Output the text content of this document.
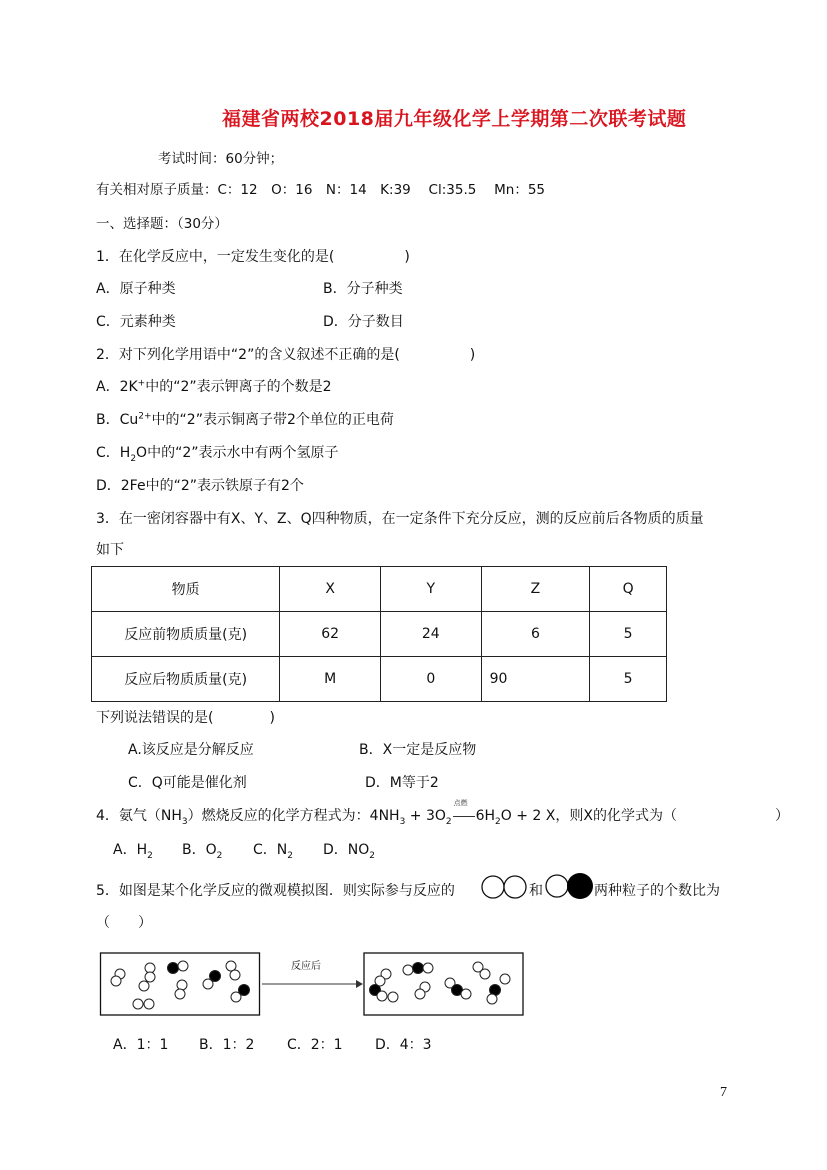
福建省两校2018届九年级化学上学期第二次联考试题
考试时间：60分钟；
有关相对原子质量：C：12　O：16　N：14　K:39　 Cl:35.5　 Mn：55
一、选择题：（30分）
1．在化学反应中，一定发生变化的是(　　　　　)
A．原子种类	B．分子种类
C．元素种类	D．分子数目
2．对下列化学用语中“2”的含义叙述不正确的是(　　　　　)
A．2K+中的“2”表示钾离子的个数是2
B．$Cu^{2+}$中的“2”表示铜离子带2个单位的正电荷
C．$H_2O$中的“2”表示水中有两个氢原子
D．2Fe中的“2”表示铁原子有2个
3．在一密闭容器中有X、Y、Z、Q四种物质，在一定条件下充分反应，测的反应前后各物质的质量
如下
物质	X	Y	Z	Q
反应前物质质量(克)	62	24	6	5
反应后物质质量(克)	M	0	90	5
下列说法错误的是(　　　　)
A.该反应是分解反应	B．X一定是反应物
C．Q可能是催化剂	D．M等于2
4．氨气$(NH_3)$燃烧反应的化学方程式为：$4NH_3 + 3O_2$
点燃
$6H_2O + 2$ X，则X的化学式为（　　　　　　　）
A．$H_2$ B．$O_2$ C．$N_2$ D．$NO_2$
5．如图是某个化学反应的微观模拟图．则实际参与反应的	和	两种粒子的个数比为
（　　）
反应后
A．1：1 B．1：2 C．2：1 D．4：3
7
